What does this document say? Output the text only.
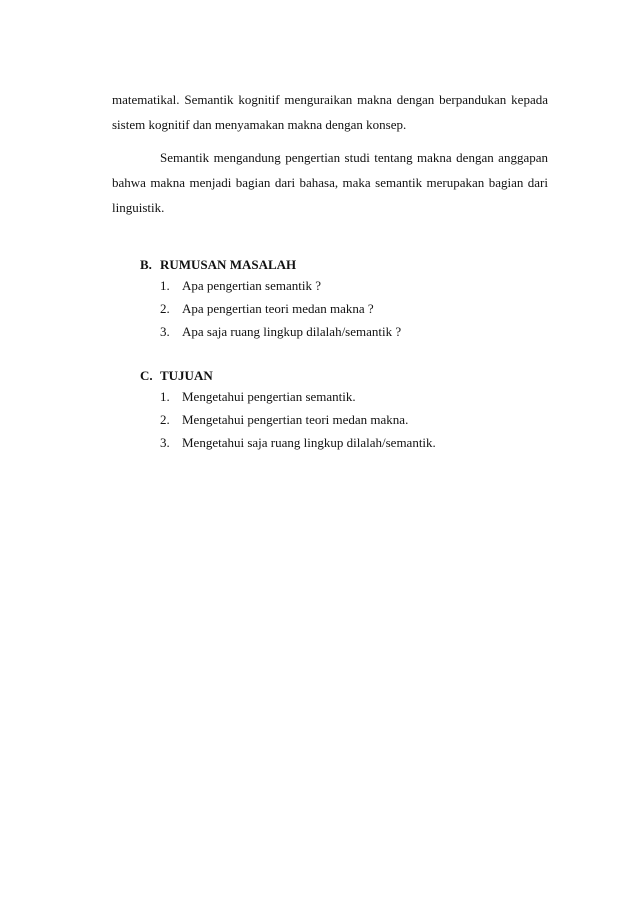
matematikal. Semantik kognitif menguraikan makna dengan berpandukan kepada sistem kognitif dan menyamakan makna dengan konsep.

Semantik mengandung pengertian studi tentang makna dengan anggapan bahwa makna menjadi bagian dari bahasa, maka semantik merupakan bagian dari linguistik.

B. RUMUSAN MASALAH
1. Apa pengertian semantik ?
2. Apa pengertian teori medan makna ?
3. Apa saja ruang lingkup dilalah/semantik ?
C. TUJUAN
1. Mengetahui pengertian semantik.
2. Mengetahui pengertian teori medan makna.
3. Mengetahui saja ruang lingkup dilalah/semantik.
